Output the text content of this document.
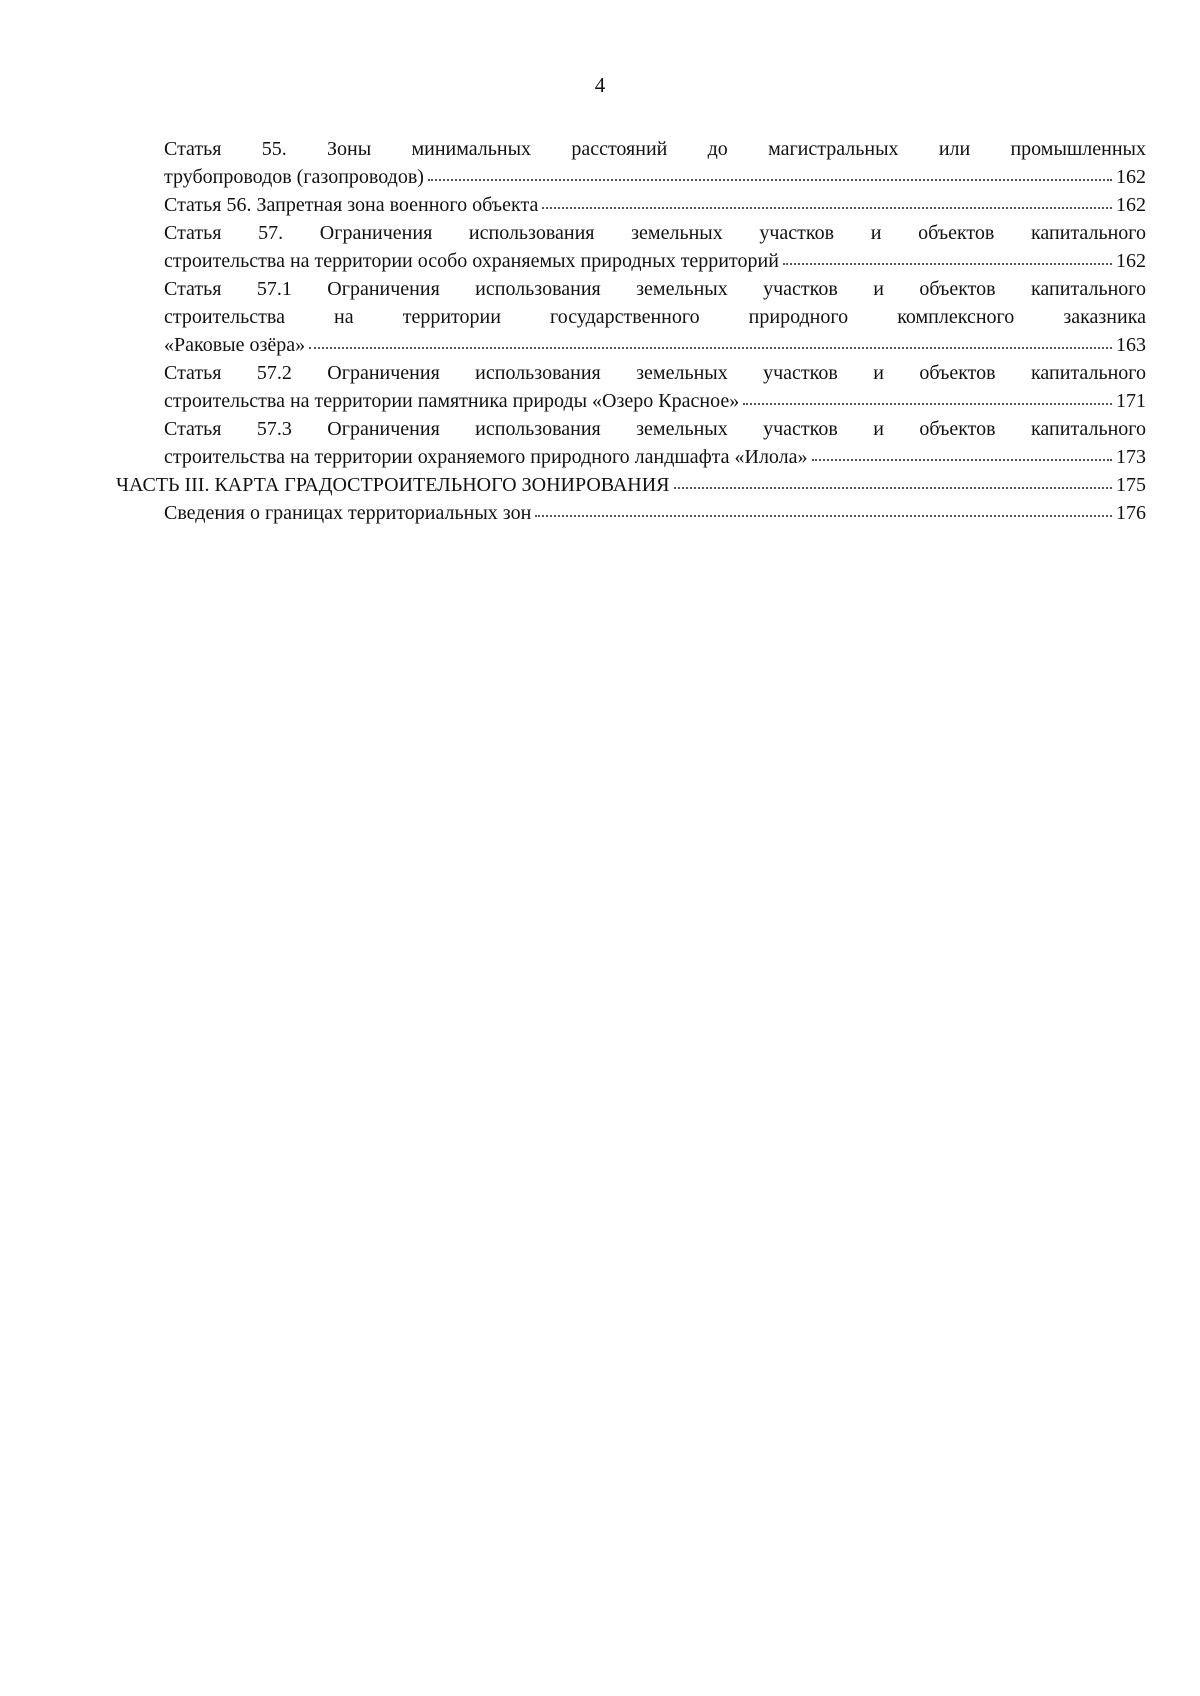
4
Статья 55. Зоны минимальных расстояний до магистральных или промышленных
трубопроводов (газопроводов)	162
Статья 56. Запретная зона военного объекта	162
Статья 57. Ограничения использования земельных участков и объектов капитального
строительства на территории особо охраняемых природных территорий	162
Статья 57.1 Ограничения использования земельных участков и объектов капитального
строительства на территории государственного природного комплексного заказника
«Раковые озёра»	163
Статья 57.2 Ограничения использования земельных участков и объектов капитального
строительства на территории памятника природы «Озеро Красное»	171
Статья 57.3 Ограничения использования земельных участков и объектов капитального
строительства на территории охраняемого природного ландшафта «Илола»	173
ЧАСТЬ III. КАРТА ГРАДОСТРОИТЕЛЬНОГО ЗОНИРОВАНИЯ	175
Сведения о границах территориальных зон	176
